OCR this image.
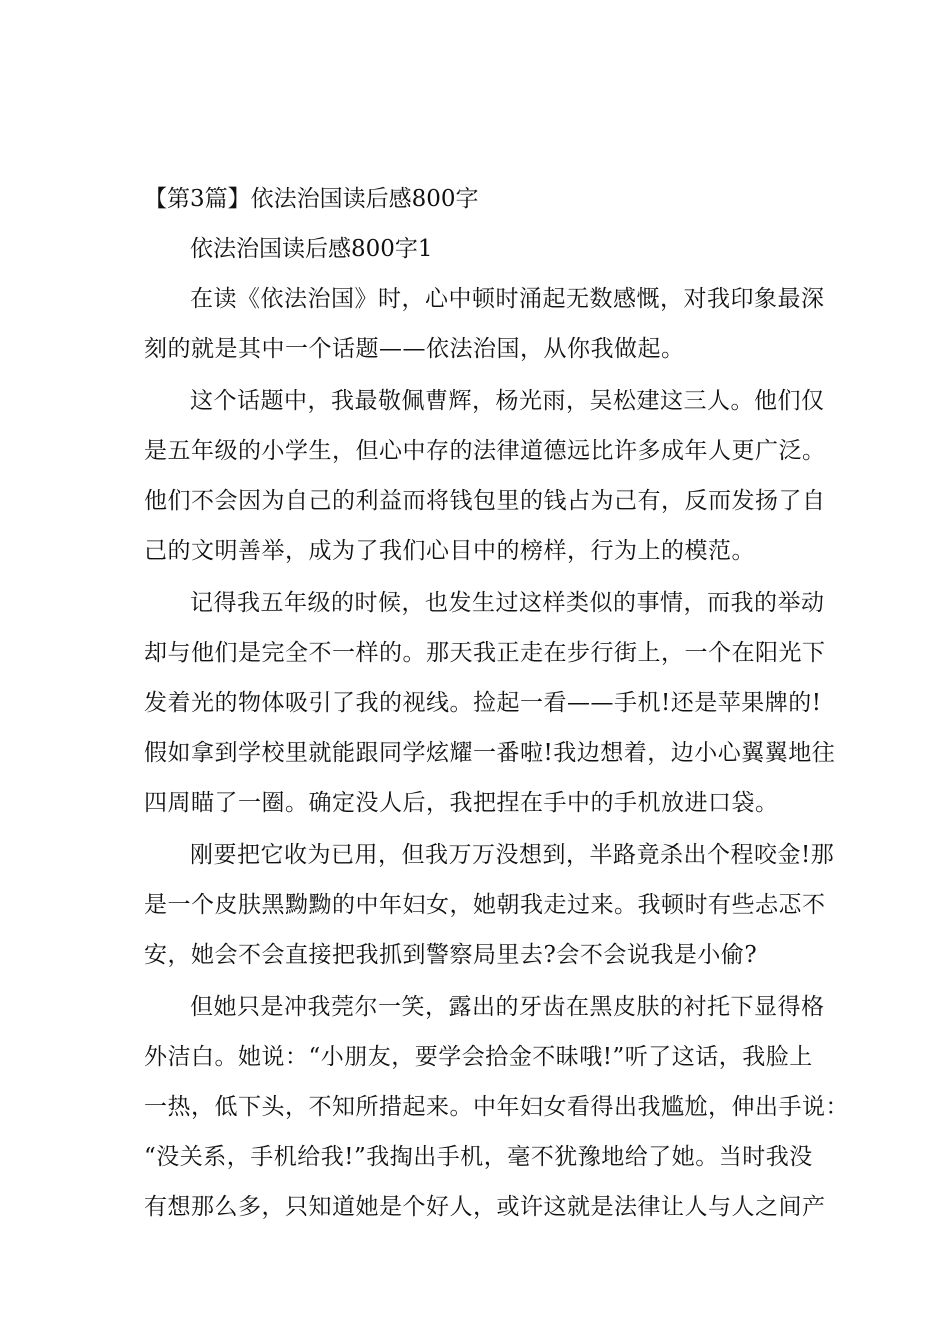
【第3篇】依法治国读后感800字
依法治国读后感800字1
在读《依法治国》时，心中顿时涌起无数感慨，对我印象最深
刻的就是其中一个话题——依法治国，从你我做起。
这个话题中，我最敬佩曹辉，杨光雨，吴松建这三人。他们仅
是五年级的小学生，但心中存的法律道德远比许多成年人更广泛。
他们不会因为自己的利益而将钱包里的钱占为己有，反而发扬了自
己的文明善举，成为了我们心目中的榜样，行为上的模范。
记得我五年级的时候，也发生过这样类似的事情，而我的举动
却与他们是完全不一样的。那天我正走在步行街上，一个在阳光下
发着光的物体吸引了我的视线。捡起一看——手机!还是苹果牌的!
假如拿到学校里就能跟同学炫耀一番啦!我边想着，边小心翼翼地往
四周瞄了一圈。确定没人后，我把捏在手中的手机放进口袋。
刚要把它收为已用，但我万万没想到，半路竟杀出个程咬金!那
是一个皮肤黑黝黝的中年妇女，她朝我走过来。我顿时有些忐忑不
安，她会不会直接把我抓到警察局里去?会不会说我是小偷?
但她只是冲我莞尔一笑，露出的牙齿在黑皮肤的衬托下显得格
外洁白。她说：“小朋友，要学会拾金不昧哦!”听了这话，我脸上
一热，低下头，不知所措起来。中年妇女看得出我尴尬，伸出手说：
“没关系，手机给我!”我掏出手机，毫不犹豫地给了她。当时我没
有想那么多，只知道她是个好人，或许这就是法律让人与人之间产
